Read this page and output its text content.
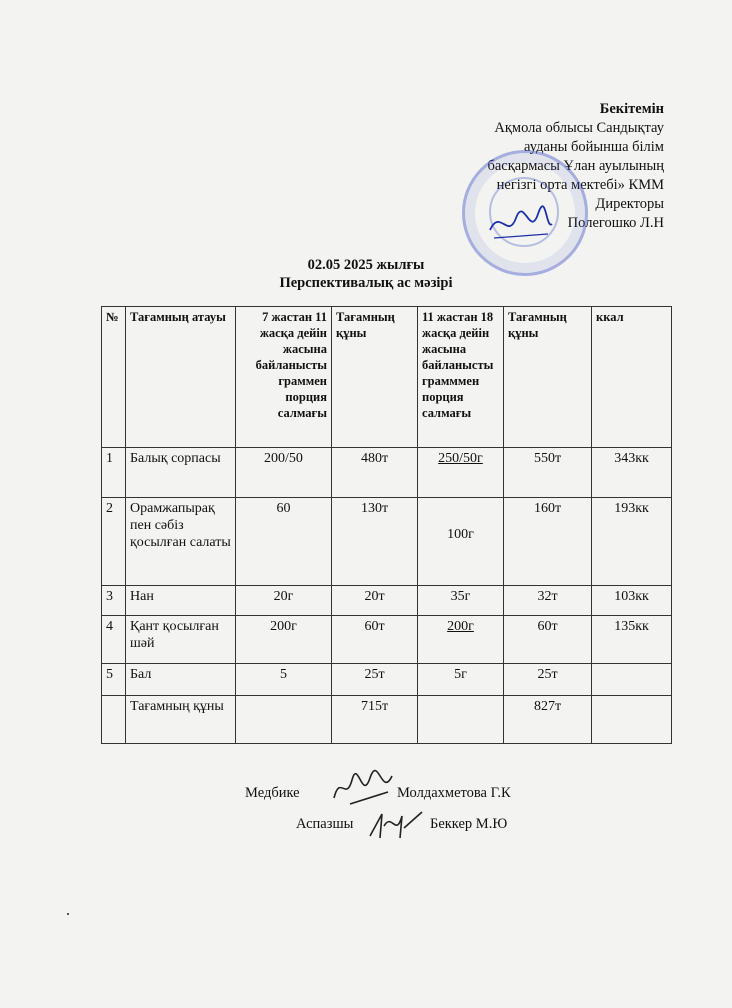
Бекітемін
Ақмола облысы Сандықтау
ауданы бойынша білім
басқармасы Ұлан ауылының
негізгі орта мектебі» КММ
Директоры
Полегошко Л.Н
02.05 2025 жылғы
Перспективалық ас мәзірі
№	Тағамның атауы	7 жастан 11 жасқа дейін жасына байланысты граммен порция салмағы	Тағамның құны	11 жастан 18 жасқа дейін жасына байланысты грамммен порция салмағы	Тағамның құны	ккал
1	Балық сорпасы	200/50	480т	250/50г	550т	343кк
2	Орамжапырақ пен сәбіз қосылған салаты	60	130т	100г	160т	193кк
3	Нан	20г	20т	35г	32т	103кк
4	Қант қосылған шәй	200г	60т	200г	60т	135кк
5	Бал	5	25т	5г	25т	
	Тағамның құны		715т		827т	
Медбике	Молдахметова Г.К
Аспазшы	Беккер М.Ю
